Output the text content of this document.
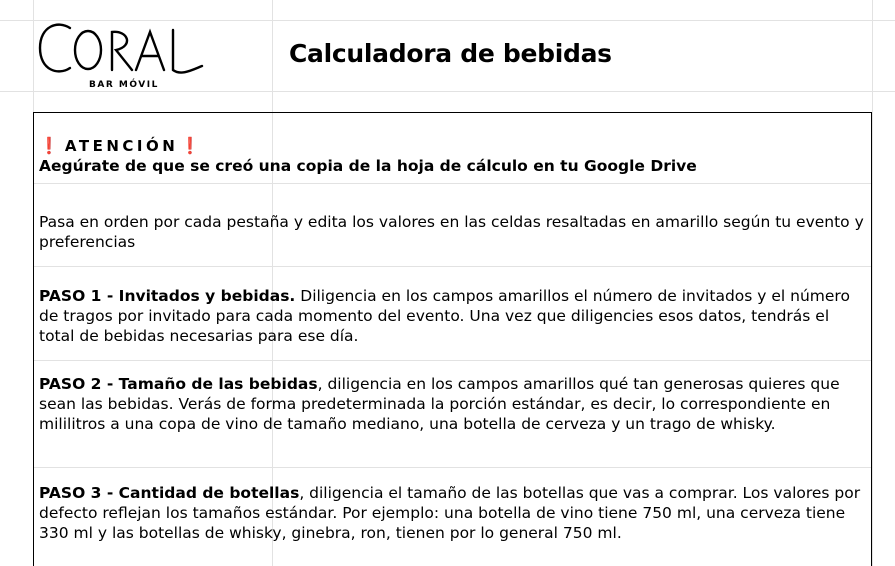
BAR MÓVIL
Calculadora de bebidas
❗ ATENCIÓN ❗
Aegúrate de que se creó una copia de la hoja de cálculo en tu Google Drive
Pasa en orden por cada pestaña y edita los valores en las celdas resaltadas en amarillo según tu evento y preferencias
PASO 1 - Invitados y bebidas. Diligencia en los campos amarillos el número de invitados y el número de tragos por invitado para cada momento del evento. Una vez que diligencies esos datos, tendrás el total de bebidas necesarias para ese día.
PASO 2 - Tamaño de las bebidas, diligencia en los campos amarillos qué tan generosas quieres que sean las bebidas. Verás de forma predeterminada la porción estándar, es decir, lo correspondiente en mililitros a una copa de vino de tamaño mediano, una botella de cerveza y un trago de whisky.
PASO 3 - Cantidad de botellas, diligencia el tamaño de las botellas que vas a comprar. Los valores por defecto reflejan los tamaños estándar. Por ejemplo: una botella de vino tiene 750 ml, una cerveza tiene 330 ml y las botellas de whisky, ginebra, ron, tienen por lo general 750 ml.
